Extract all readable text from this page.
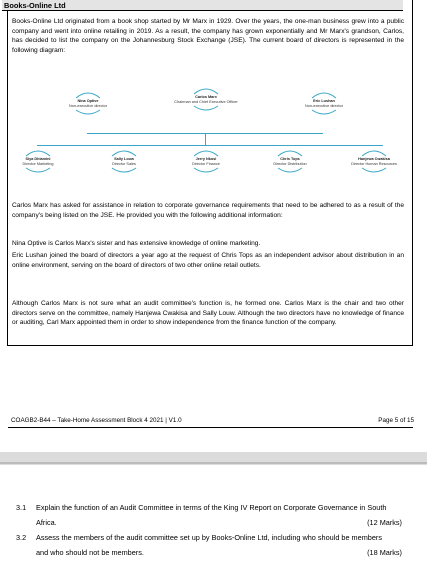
Books-Online Ltd
Books-Online Ltd originated from a book shop started by Mr Marx in 1929. Over the years, the one-man business grew into a public company and went into online retailing in 2019. As a result, the company has grown exponentially and Mr Marx's grandson, Carlos, has decided to list the company on the Johannesburg Stock Exchange (JSE). The current board of directors is represented in the following diagram:
Nina Optive
Non-executive director
Carlos Marx
Chairman and Chief Executive Officer	Eric Lushan
Non-executive director
Siya Dhlamini
Director Marketing
Sally Louw
Director Sales
Jerry Nkosi
Director Finance
Chris Tops
Director Distribution
Hanjewa Cwakisa
Director Human Resources
Carlos Marx has asked for assistance in relation to corporate governance requirements that need to be adhered to as a result of the company's being listed on the JSE. He provided you with the following additional information:
Nina Optive is Carlos Marx's sister and has extensive knowledge of online marketing.
Eric Lushan joined the board of directors a year ago at the request of Chris Tops as an independent advisor about distribution in an online environment, serving on the board of directors of two other online retail outlets.
Although Carlos Marx is not sure what an audit committee's function is, he formed one. Carlos Marx is the chair and two other directors serve on the committee, namely Hanjewa Cwakisa and Sally Louw. Although the two directors have no knowledge of finance or auditing, Carl Marx appointed them in order to show independence from the finance function of the company.
COAGB2-B44 – Take-Home Assessment Block 4 2021 | V1.0	Page 5 of 15
3.1 Explain the function of an Audit Committee in terms of the King IV Report on Corporate Governance in South Africa.	(12 Marks)
3.2 Assess the members of the audit committee set up by Books-Online Ltd, including who should be members and who should not be members.	(18 Marks)
